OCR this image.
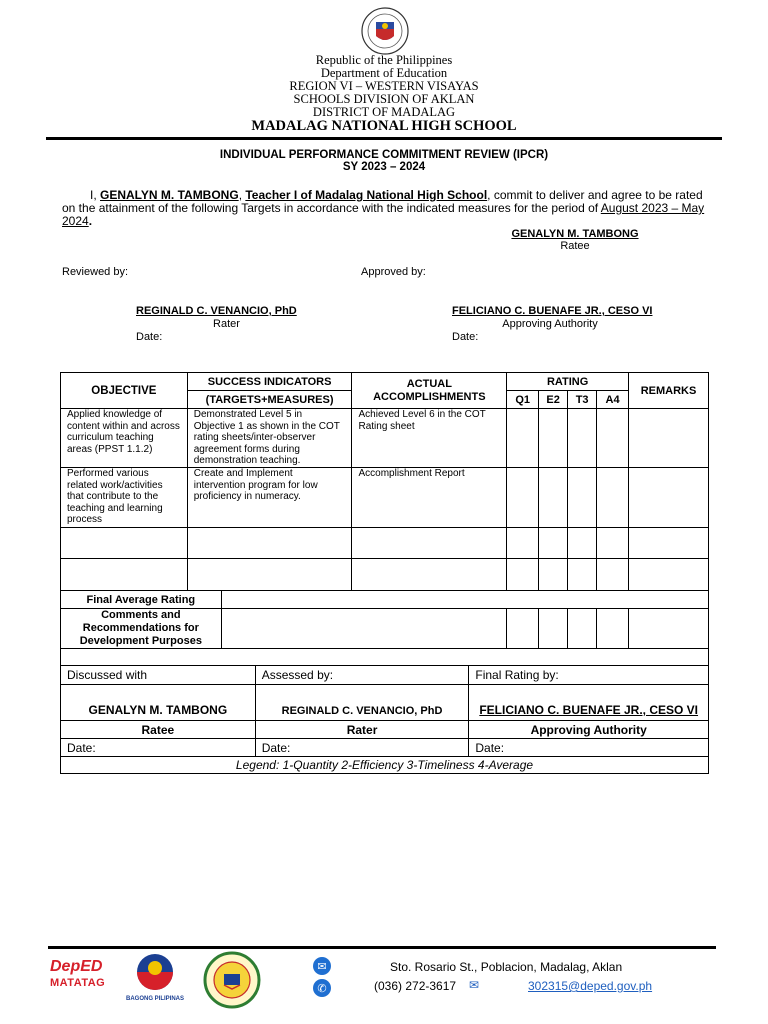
Republic of the Philippines
Department of Education
REGION VI – WESTERN VISAYAS
SCHOOLS DIVISION OF AKLAN
DISTRICT OF MADALAG
MADALAG NATIONAL HIGH SCHOOL
INDIVIDUAL PERFORMANCE COMMITMENT REVIEW (IPCR)
SY 2023 – 2024
I, GENALYN M. TAMBONG, Teacher I of Madalag National High School, commit to deliver and agree to be rated on the attainment of the following Targets in accordance with the indicated measures for the period of August 2023 – May 2024.
GENALYN M. TAMBONG
Ratee
Reviewed by:	Approved by:
REGINALD C. VENANCIO, PhD
Rater
Date:
FELICIANO C. BUENAFE JR., CESO VI
Approving Authority
Date:
OBJECTIVE	SUCCESS INDICATORS		ACTUAL ACCOMPLISHMENTS	RATING				REMARKS
	(TARGETS+MEASURES)			Q1	E2	T3	A4	
Applied knowledge of content within and across curriculum teaching areas (PPST 1.1.2)	Demonstrated Level 5 in Objective 1 as shown in the COT rating sheets/inter-observer agreement forms during demonstration teaching.		Achieved Level 6 in the COT Rating sheet					
Performed various related work/activities that contribute to the teaching and learning process	Create and Implement intervention program for low proficiency in numeracy.		Accomplishment Report					

Final Average Rating								
Comments and Recommendations for Development Purposes								

Discussed with	Assessed by:	Final Rating by:
GENALYN M. TAMBONG	REGINALD C. VENANCIO, PhD	FELICIANO C. BUENAFE JR., CESO VI
Ratee	Rater	Approving Authority
Date:	Date:	Date:
Legend: 1-Quantity 2-Efficiency 3-Timeliness 4-Average		
DepED
MATATAG
BAGONG PILIPINAS
✉
✆
Sto. Rosario St., Poblacion, Madalag, Aklan
(036) 272-3617 ✉	302315@deped.gov.ph
